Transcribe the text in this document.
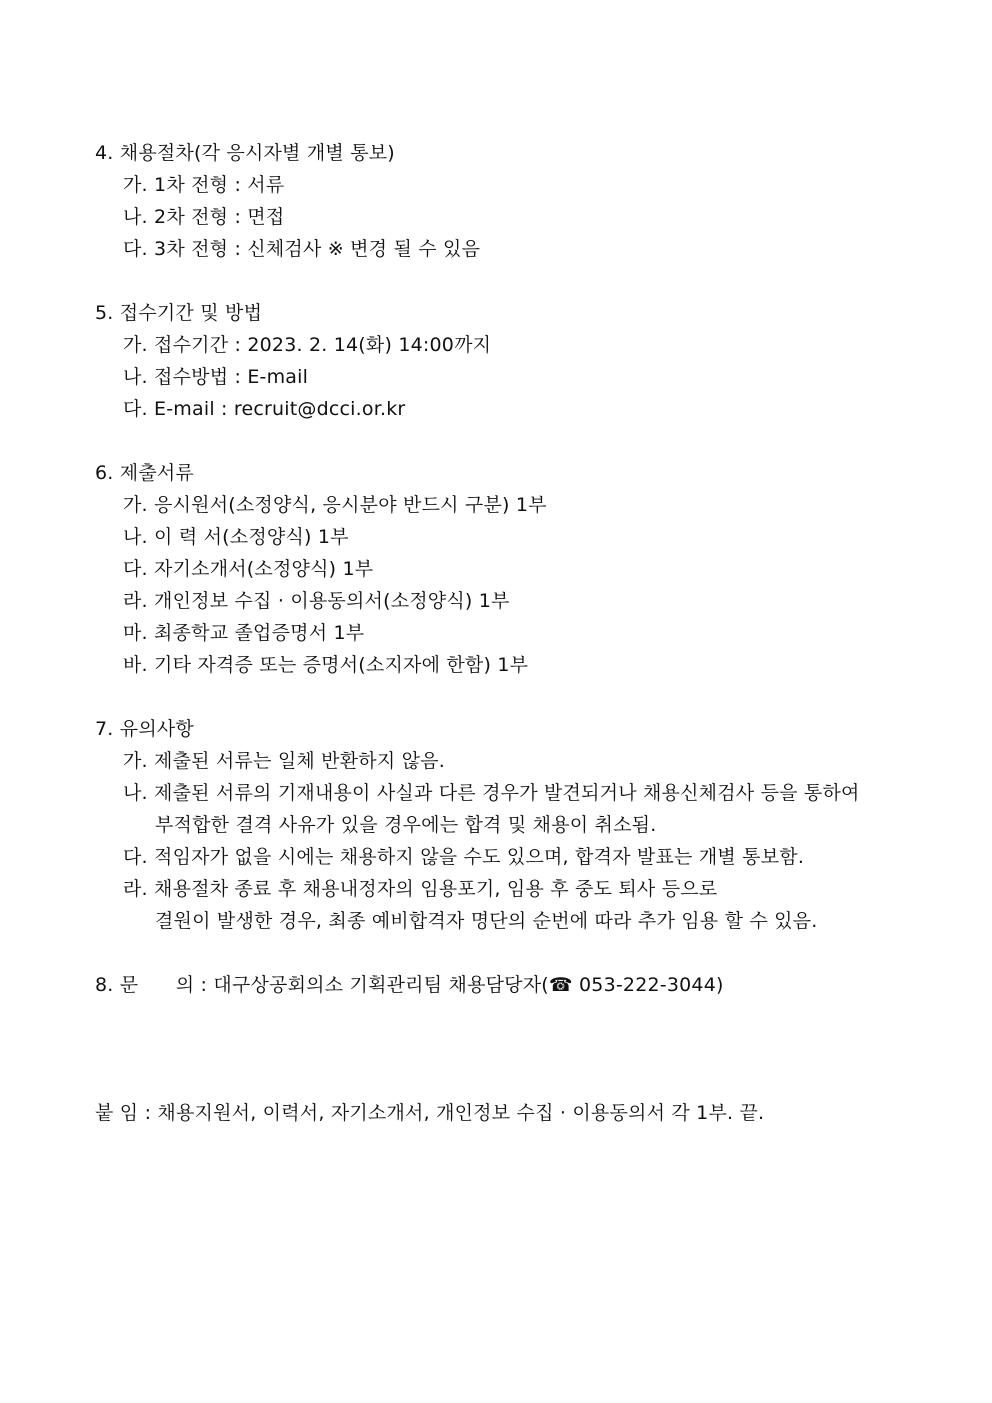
4. 채용절차(각 응시자별 개별 통보)
가. 1차 전형 : 서류
나. 2차 전형 : 면접
다. 3차 전형 : 신체검사 ※ 변경 될 수 있음
5. 접수기간 및 방법
가. 접수기간 : 2023. 2. 14(화) 14:00까지
나. 접수방법 : E-mail
다. E-mail : recruit@dcci.or.kr
6. 제출서류
가. 응시원서(소정양식, 응시분야 반드시 구분) 1부
나. 이 력 서(소정양식) 1부
다. 자기소개서(소정양식) 1부
라. 개인정보 수집 · 이용동의서(소정양식) 1부
마. 최종학교 졸업증명서 1부
바. 기타 자격증 또는 증명서(소지자에 한함) 1부
7. 유의사항
가. 제출된 서류는 일체 반환하지 않음.
나. 제출된 서류의 기재내용이 사실과 다른 경우가 발견되거나 채용신체검사 등을 통하여
부적합한 결격 사유가 있을 경우에는 합격 및 채용이 취소됨.
다. 적임자가 없을 시에는 채용하지 않을 수도 있으며, 합격자 발표는 개별 통보함.
라. 채용절차 종료 후 채용내정자의 임용포기, 임용 후 중도 퇴사 등으로
결원이 발생한 경우, 최종 예비합격자 명단의 순번에 따라 추가 임용 할 수 있음.
8. 문      의 : 대구상공회의소 기획관리팀 채용담당자(☎ 053-222-3044)
붙 임 : 채용지원서, 이력서, 자기소개서, 개인정보 수집 · 이용동의서 각 1부. 끝.
